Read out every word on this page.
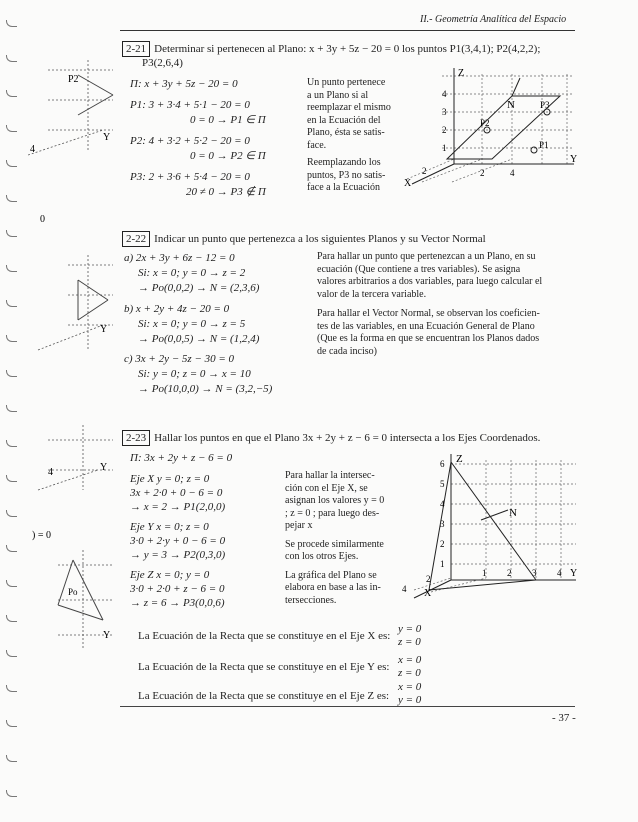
II.- Geometría Analítica del Espacio
P2
Y
4
0
Y
Y
4
) = 0
Po
Y
2-21 Determinar si pertenecen al Plano: x + 3y + 5z − 20 = 0 los puntos P1(3,4,1); P2(4,2,2);
P3(2,6,4)
Π: x + 3y + 5z − 20 = 0
P1: 3 + 3·4 + 5·1 − 20 = 0
0 = 0 → P1 ∈ Π
P2: 4 + 3·2 + 5·2 − 20 = 0
0 = 0 → P2 ∈ Π
P3: 2 + 3·6 + 5·4 − 20 = 0
20 ≠ 0 → P3 ∉ Π
Un punto pertenece
a un Plano si al
reemplazar el mismo
en la Ecuación del
Plano, ésta se satis-
face.
Reemplazando los
puntos, P3 no satis-
face a la Ecuación
Z
Y
X
N
P1
P2
P3
1
2
3
4
2	4
2
2-22 Indicar un punto que pertenezca a los siguientes Planos y su Vector Normal
a) 2x + 3y + 6z − 12 = 0
Si: x = 0; y = 0 → z = 2
→ Po(0,0,2) → N = (2,3,6)
b) x + 2y + 4z − 20 = 0
Si: x = 0; y = 0 → z = 5
→ Po(0,0,5) → N = (1,2,4)
c) 3x + 2y − 5z − 30 = 0
Si: y = 0; z = 0 → x = 10
→ Po(10,0,0) → N = (3,2,−5)
Para hallar un punto que pertenezcan a un Plano, en su
ecuación (Que contiene a tres variables). Se asigna
valores arbitrarios a dos variables, para luego calcular el
valor de la tercera variable.
Para hallar el Vector Normal, se observan los coeficien-
tes de las variables, en una Ecuación General de Plano
(Que es la forma en que se encuentran los Planos dados
de cada inciso)
2-23 Hallar los puntos en que el Plano 3x + 2y + z − 6 = 0 intersecta a los Ejes Coordenados.
Π: 3x + 2y + z − 6 = 0
Eje X y = 0; z = 0
3x + 2·0 + 0 − 6 = 0
→ x = 2 → P1(2,0,0)
Eje Y x = 0; z = 0
3·0 + 2·y + 0 − 6 = 0
→ y = 3 → P2(0,3,0)
Eje Z x = 0; y = 0
3·0 + 2·0 + z − 6 = 0
→ z = 6 → P3(0,0,6)
Para hallar la intersec-
ción con el Eje X, se
asignan los valores y = 0
; z = 0 ; para luego des-
pejar x
Se procede similarmente
con los otros Ejes.
La gráfica del Plano se
elabora en base a las in-
tersecciones.
Z
Y
X
N
1
2
3
4
5
6
1 2 3 4
4
2
La Ecuación de la Recta que se constituye en el Eje X es:
y = 0
z = 0
La Ecuación de la Recta que se constituye en el Eje Y es:
x = 0
z = 0
La Ecuación de la Recta que se constituye en el Eje Z es:
x = 0
y = 0
- 37 -
